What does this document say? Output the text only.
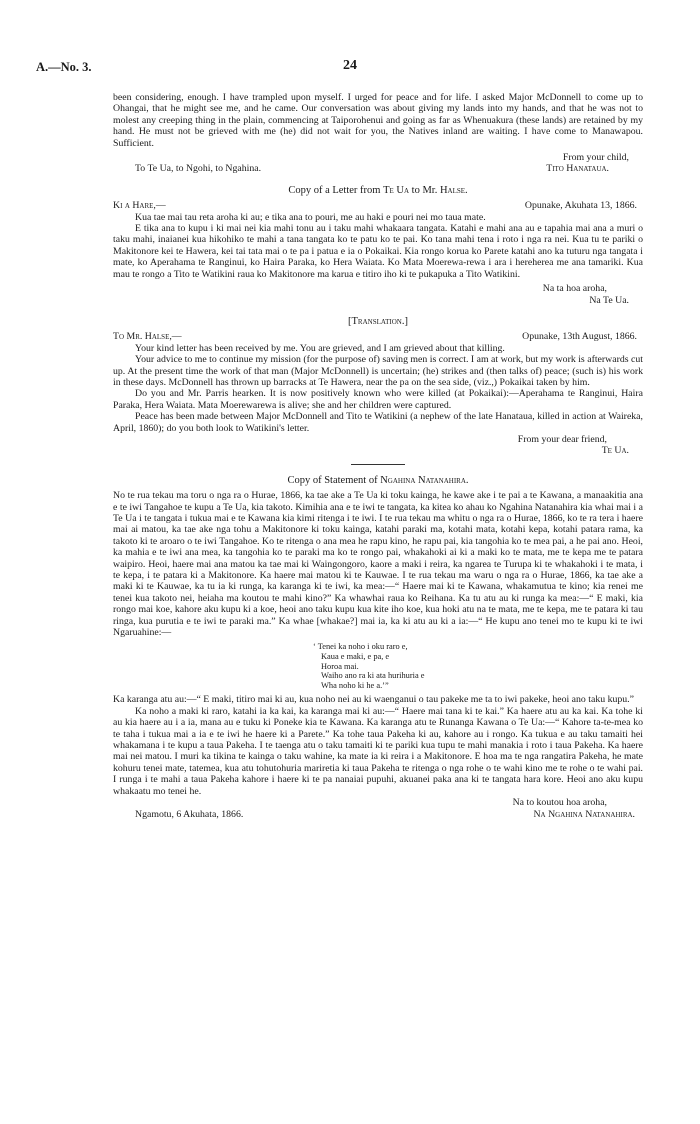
A.—No. 3.	24

been considering, enough. I have trampled upon myself. I urged for peace and for life. I asked Major McDonnell to come up to Ohangai, that he might see me, and he came. Our conversation was about giving my lands into my hands, and that he was not to molest any creeping thing in the plain, commencing at Taiporohenui and going as far as Whenuakura (these lands) are retained by my hand. He must not be grieved with me (he) did not wait for you, the Natives inland are waiting. I have come to Manawapou. Sufficient.

From your child,

To Te Ua, to Ngohi, to Ngahina.	Tito Hanataua.

Copy of a Letter from Te Ua to Mr. Halse.

Ki a Hare,—	Opunake, Akuhata 13, 1866.

Kua tae mai tau reta aroha ki au; e tika ana to pouri, me au haki e pouri nei mo taua mate.

E tika ana to kupu i ki mai nei kia mahi tonu au i taku mahi whakaara tangata. Katahi e mahi ana au e tapahia mai ana a muri o taku mahi, inaianei kua hikohiko te mahi a tana tangata ko te patu ko te pai. Ko tana mahi tena i roto i nga ra nei. Kua tu te pariki o Makitonore kei te Hawera, kei tai tata mai o te pa i patua e ia o Pokaikai. Kia rongo korua ko Parete katahi ano ka tuturu nga tangata i mate, ko Aperahama te Ranginui, ko Haira Paraka, ko Hera Waiata. Ko Mata Moerewa-rewa i ara i hereherea me ana tamariki. Kua mau te rongo a Tito te Watikini raua ko Makitonore ma karua e titiro iho ki te pukapuka a Tito Watikini.

Na ta hoa aroha,

Na Te Ua.

[Translation.]

To Mr. Halse,—	Opunake, 13th August, 1866.

Your kind letter has been received by me. You are grieved, and I am grieved about that killing.

Your advice to me to continue my mission (for the purpose of) saving men is correct. I am at work, but my work is afterwards cut up. At the present time the work of that man (Major McDonnell) is uncertain; (he) strikes and (then talks of) peace; (such is) his work in these days. McDonnell has thrown up barracks at Te Hawera, near the pa on the sea side, (viz.,) Pokaikai taken by him.

Do you and Mr. Parris hearken. It is now positively known who were killed (at Pokaikai):—Aperahama te Ranginui, Haira Paraka, Hera Waiata. Mata Moerewarewa is alive; she and her children were captured.

Peace has been made between Major McDonnell and Tito te Watikini (a nephew of the late Hanataua, killed in action at Waireka, April, 1860); do you both look to Watikini's letter.

From your dear friend,

Te Ua.

Copy of Statement of Ngahina Natanahira.

No te rua tekau ma toru o nga ra o Hurae, 1866, ka tae ake a Te Ua ki toku kainga, he kawe ake i te pai a te Kawana, a manaakitia ana e te iwi Tangahoe te kupu a Te Ua, kia takoto. Kimihia ana e te iwi te tangata, ka kitea ko ahau ko Ngahina Natanahira kia whai mai i a Te Ua i te tangata i tukua mai e te Kawana kia kimi ritenga i te iwi. I te rua tekau ma whitu o nga ra o Hurae, 1866, ko te ra tera i haere mai ai matou, ka tae ake nga tohu a Makitonore ki toku kainga, katahi paraki ma, kotahi mata, kotahi kepa, kotahi patara rama, ka takoto ki te aroaro o te iwi Tangahoe. Ko te ritenga o ana mea he rapu kino, he rapu pai, kia tangohia ko te mea pai, a he pai ano. Heoi, ka mahia e te iwi ana mea, ka tangohia ko te paraki ma ko te rongo pai, whakahoki ai ki a maki ko te mata, me te kepa me te patara waipiro. Heoi, haere mai ana matou ka tae mai ki Waingongoro, kaore a maki i reira, ka ngarea te Turupa ki te whakahoki i te mata, i te kepa, i te patara ki a Makitonore. Ka haere mai matou ki te Kauwae. I te rua tekau ma waru o nga ra o Hurae, 1866, ka tae ake a maki ki te Kauwae, ka tu ia ki runga, ka karanga ki te iwi, ka mea:—“ Haere mai ki te Kawana, whakamutua te kino; kia renei me tenei kua takoto nei, heiaha ma koutou te mahi kino?” Ka whawhai raua ko Reihana. Ka tu atu au ki runga ka mea:—“ E maki, kia rongo mai koe, kahore aku kupu ki a koe, heoi ano taku kupu kua kite iho koe, kua hoki atu na te mata, me te kepa, me te patara ki tau ringa, kua purutia e te iwi te paraki ma.” Ka whae [whakae?] mai ia, ka ki atu au ki a ia:—“ He kupu ano tenei mo te kupu ki te iwi Ngaruahine:—

‘ Tenei ka noho i oku raro e,
Kaua e maki, e pa, e
Horoa mai.
Waiho ano ra ki ata hurihuria e
Wha noho ki he a.’”

Ka karanga atu au:—“ E maki, titiro mai ki au, kua noho nei au ki waenganui o tau pakeke me ta to iwi pakeke, heoi ano taku kupu.”

Ka noho a maki ki raro, katahi ia ka kai, ka karanga mai ki au:—“ Haere mai tana ki te kai.” Ka haere atu au ka kai. Ka tohe ki au kia haere au i a ia, mana au e tuku ki Poneke kia te Kawana. Ka karanga atu te Runanga Kawana o Te Ua:—“ Kahore ta-te-mea ko te taha i tukua mai a ia e te iwi he haere ki a Parete.” Ka tohe taua Pakeha ki au, kahore au i rongo. Ka tukua e au taku tamaiti hei whakamana i te kupu a taua Pakeha. I te taenga atu o taku tamaiti ki te pariki kua tupu te mahi manakia i roto i taua Pakeha. Ka haere mai nei matou. I muri ka tikina te kainga o taku wahine, ka mate ia ki reira i a Makitonore. E hoa ma te nga rangatira Pakeha, he mate kohuru tenei mate, tatemea, kua atu tohutohuria mariretia ki taua Pakeha te ritenga o nga rohe o te wahi kino me te rohe o te wahi pai. I runga i te mahi a taua Pakeha kahore i haere ki te pa nanaiai pupuhi, akuanei paka ana ki te tangata hara kore. Heoi ano aku kupu whakaatu mo tenei he.

Na to koutou hoa aroha,

Ngamotu, 6 Akuhata, 1866.	Na Ngahina Natanahira.
